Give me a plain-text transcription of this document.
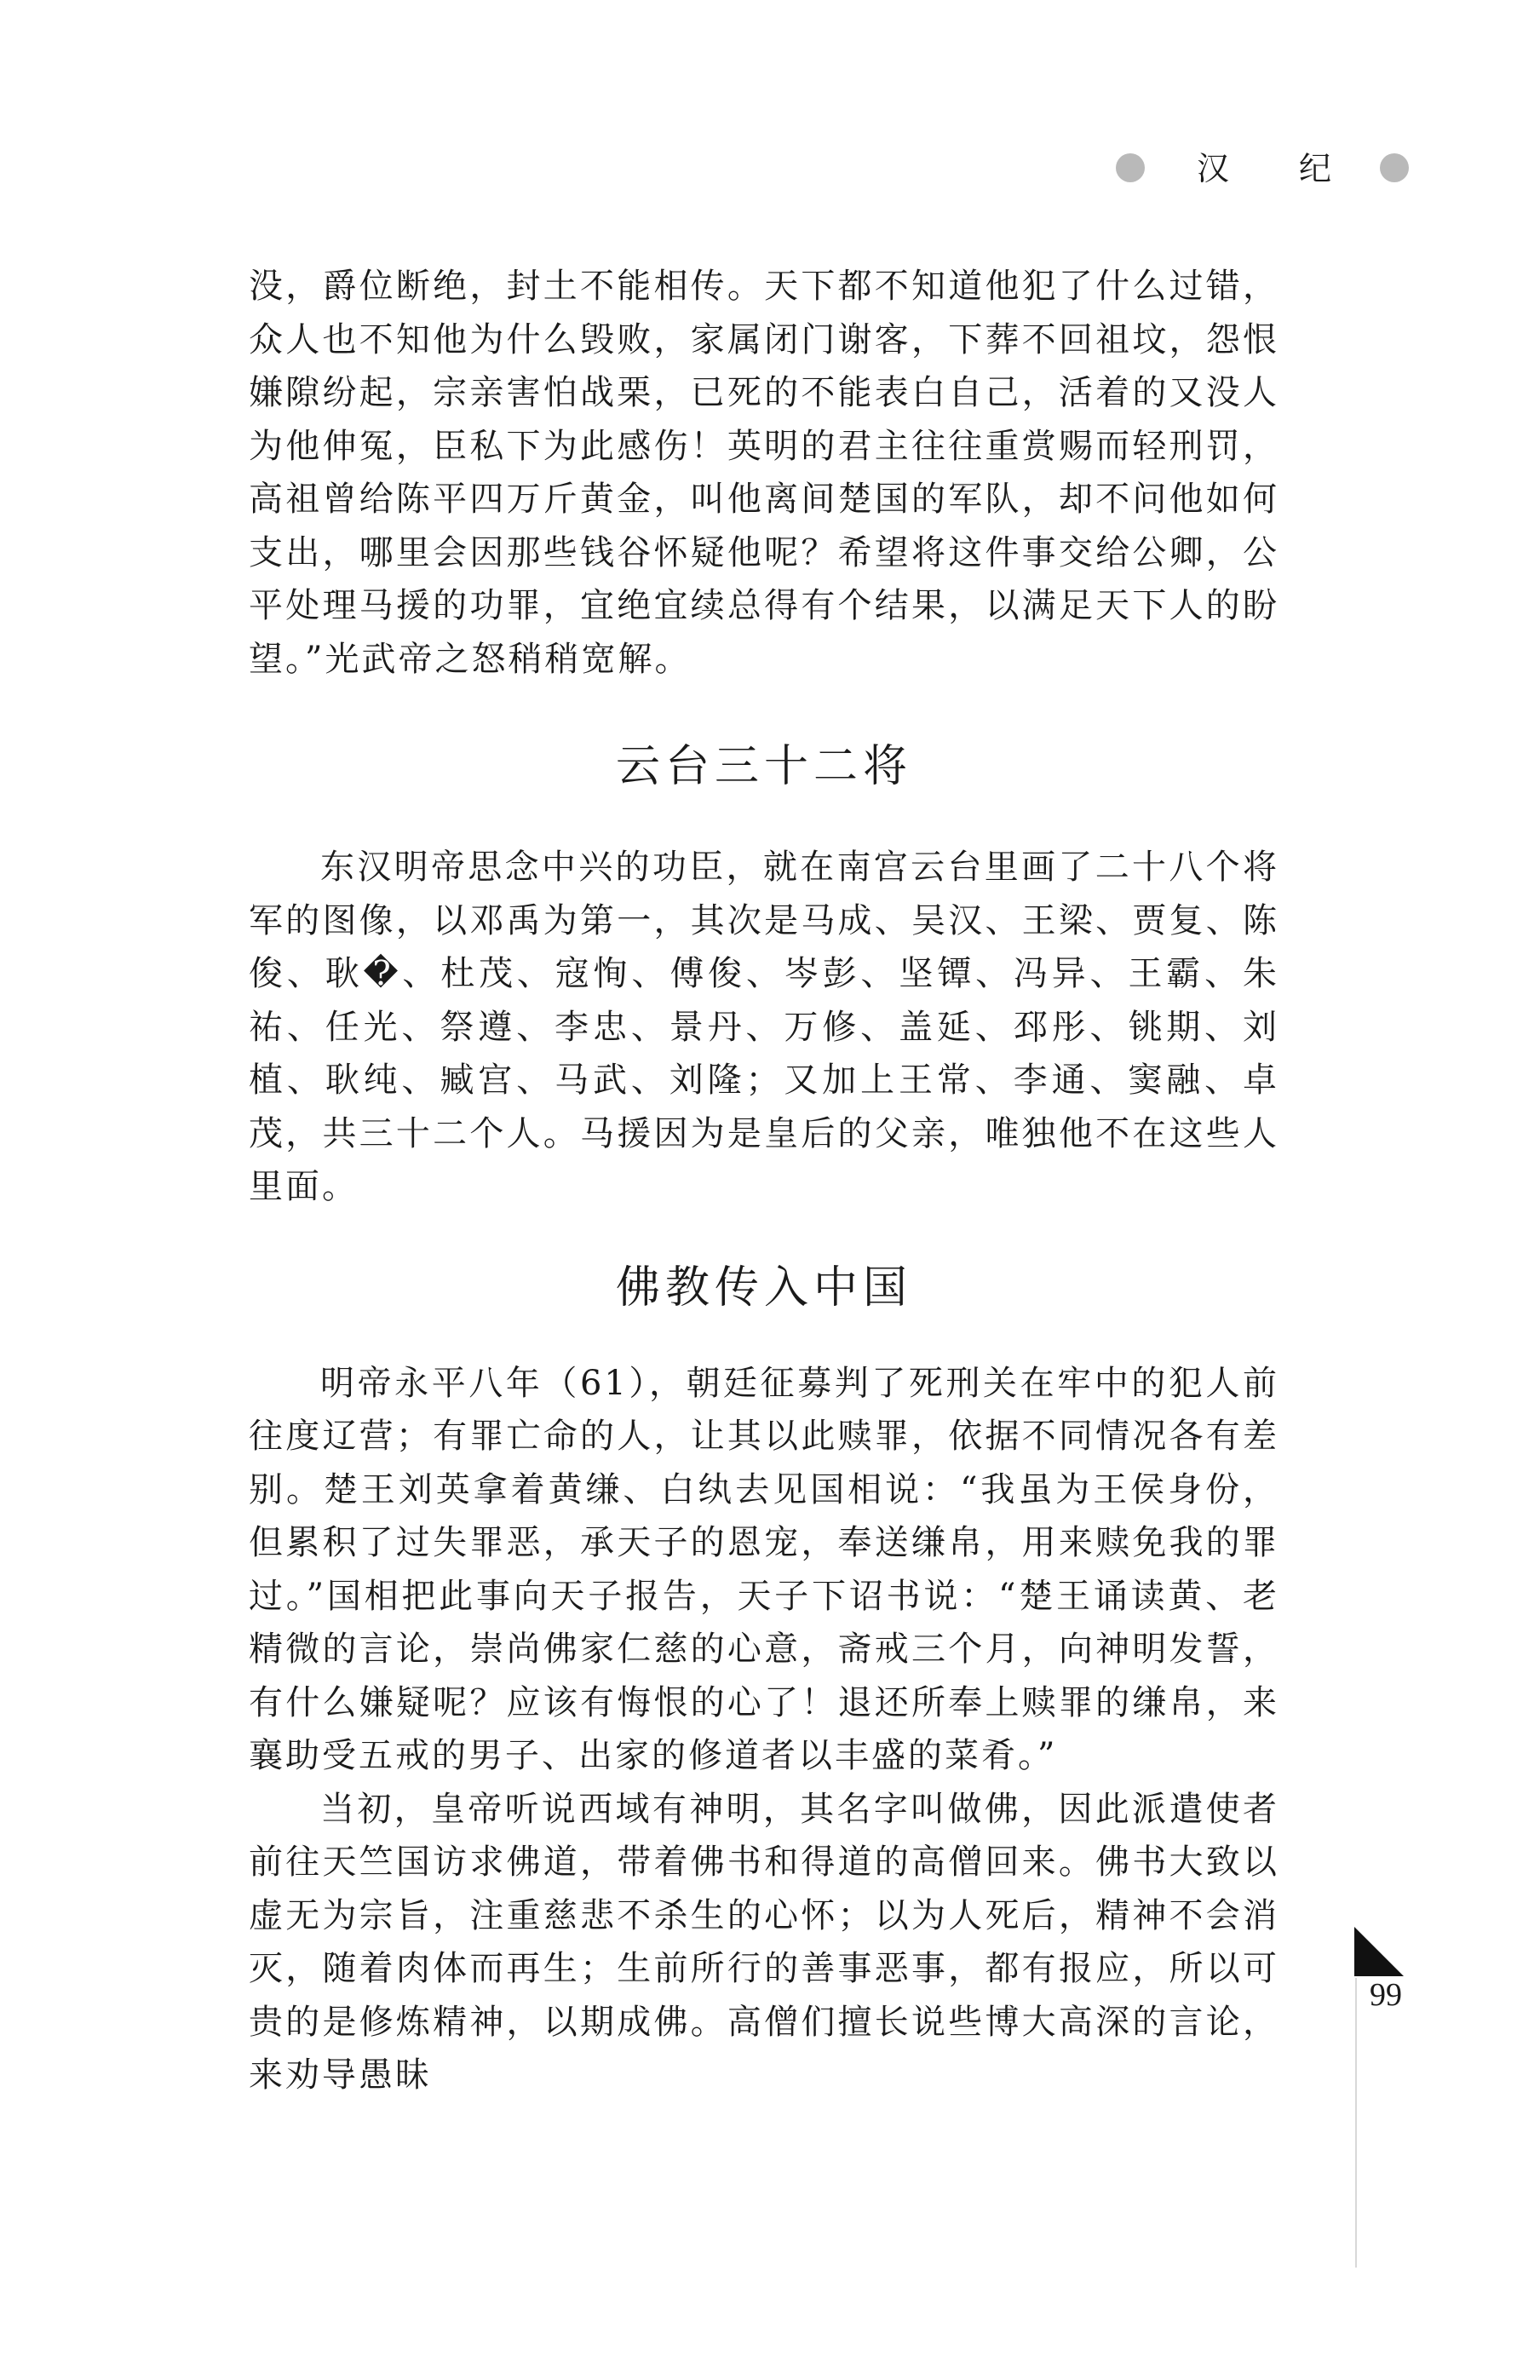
汉 纪

没，爵位断绝，封土不能相传。天下都不知道他犯了什么过错，众人也不知他为什么毁败，家属闭门谢客，下葬不回祖坟，怨恨嫌隙纷起，宗亲害怕战栗，已死的不能表白自己，活着的又没人为他伸冤，臣私下为此感伤！英明的君主往往重赏赐而轻刑罚，高祖曾给陈平四万斤黄金，叫他离间楚国的军队，却不问他如何支出，哪里会因那些钱谷怀疑他呢？希望将这件事交给公卿，公平处理马援的功罪，宜绝宜续总得有个结果，以满足天下人的盼望。”光武帝之怒稍稍宽解。

云台三十二将

东汉明帝思念中兴的功臣，就在南宫云台里画了二十八个将军的图像，以邓禹为第一，其次是马成、吴汉、王梁、贾复、陈俊、耿�、杜茂、寇恂、傅俊、岑彭、坚镡、冯异、王霸、朱祐、任光、祭遵、李忠、景丹、万修、盖延、邳彤、铫期、刘植、耿纯、臧宫、马武、刘隆；又加上王常、李通、窦融、卓茂，共三十二个人。马援因为是皇后的父亲，唯独他不在这些人里面。

佛教传入中国

明帝永平八年（61），朝廷征募判了死刑关在牢中的犯人前往度辽营；有罪亡命的人，让其以此赎罪，依据不同情况各有差别。楚王刘英拿着黄缣、白纨去见国相说：“我虽为王侯身份，但累积了过失罪恶，承天子的恩宠，奉送缣帛，用来赎免我的罪过。”国相把此事向天子报告，天子下诏书说：“楚王诵读黄、老精微的言论，崇尚佛家仁慈的心意，斋戒三个月，向神明发誓，有什么嫌疑呢？应该有悔恨的心了！退还所奉上赎罪的缣帛，来襄助受五戒的男子、出家的修道者以丰盛的菜肴。”

当初，皇帝听说西域有神明，其名字叫做佛，因此派遣使者前往天竺国访求佛道，带着佛书和得道的高僧回来。佛书大致以虚无为宗旨，注重慈悲不杀生的心怀；以为人死后，精神不会消灭，随着肉体而再生；生前所行的善事恶事，都有报应，所以可贵的是修炼精神，以期成佛。高僧们擅长说些博大高深的言论，来劝导愚昧

99
